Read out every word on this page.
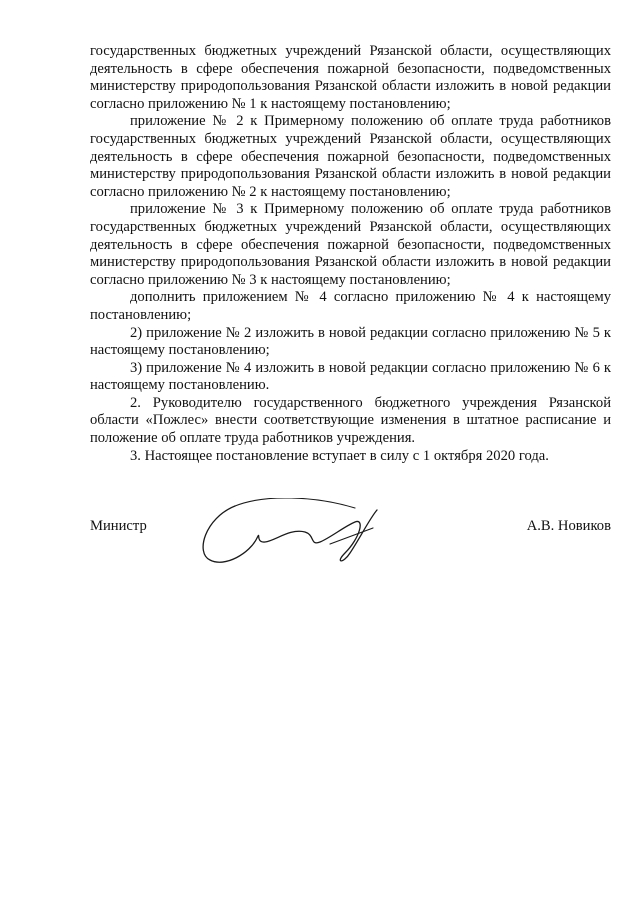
государственных бюджетных учреждений Рязанской области, осуществляющих деятельность в сфере обеспечения пожарной безопасности, подведомственных министерству природопользования Рязанской области изложить в новой редакции согласно приложению № 1 к настоящему постановлению;

приложение № 2 к Примерному положению об оплате труда работников государственных бюджетных учреждений Рязанской области, осуществляющих деятельность в сфере обеспечения пожарной безопасности, подведомственных министерству природопользования Рязанской области изложить в новой редакции согласно приложению № 2 к настоящему постановлению;

приложение № 3 к Примерному положению об оплате труда работников государственных бюджетных учреждений Рязанской области, осуществляющих деятельность в сфере обеспечения пожарной безопасности, подведомственных министерству природопользования Рязанской области изложить в новой редакции согласно приложению № 3 к настоящему постановлению;

дополнить приложением № 4 согласно приложению № 4 к настоящему постановлению;

2) приложение № 2 изложить в новой редакции согласно приложению № 5 к настоящему постановлению;

3) приложение № 4 изложить в новой редакции согласно приложению № 6 к настоящему постановлению.

2. Руководителю государственного бюджетного учреждения Рязанской области «Пожлес» внести соответствующие изменения в штатное расписание и положение об оплате труда работников учреждения.

3. Настоящее постановление вступает в силу с 1 октября 2020 года.

Министр	А.В. Новиков
